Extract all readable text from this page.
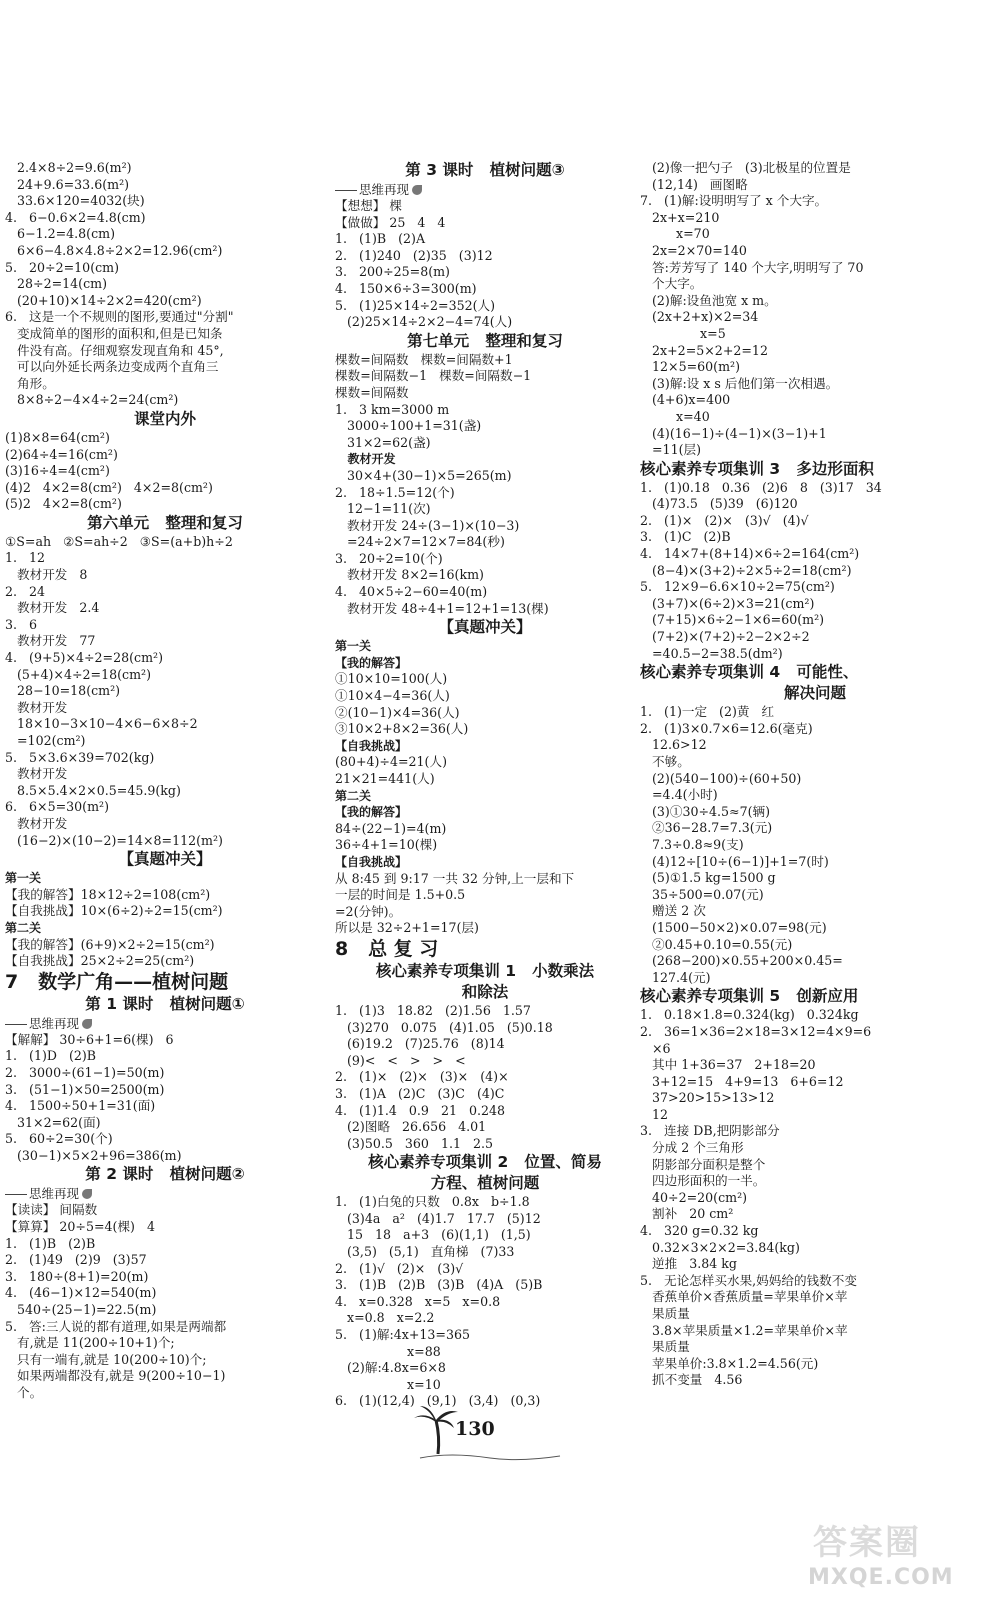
2.4×8÷2=9.6(m²)
24+9.6=33.6(m²)
33.6×120=4032(块)
4.   6−0.6×2=4.8(cm)
6−1.2=4.8(cm)
6×6−4.8×4.8÷2×2=12.96(cm²)
5.   20÷2=10(cm)
28÷2=14(cm)
(20+10)×14÷2×2=420(cm²)
6.   这是一个不规则的图形,要通过"分割"
变成简单的图形的面积和,但是已知条
件没有高。仔细观察发现直角和 45°,
可以向外延长两条边变成两个直角三
角形。
8×8÷2−4×4÷2=24(cm²)
课堂内外
(1)8×8=64(cm²)
(2)64÷4=16(cm²)
(3)16÷4=4(cm²)
(4)2   4×2=8(cm²)   4×2=8(cm²)
(5)2   4×2=8(cm²)
第六单元   整理和复习
①S=ah   ②S=ah÷2   ③S=(a+b)h÷2
1.   12
教材开发   8
2.   24
教材开发   2.4
3.   6
教材开发   77
4.   (9+5)×4÷2=28(cm²)
(5+4)×4÷2=18(cm²)
28−10=18(cm²)
教材开发
18×10−3×10−4×6−6×8÷2
=102(cm²)
5.   5×3.6×39=702(kg)
教材开发
8.5×5.4×2×0.5=45.9(kg)
6.   6×5=30(m²)
教材开发
(16−2)×(10−2)=14×8=112(m²)
【真题冲关】
第一关
【我的解答】18×12÷2=108(cm²)
【自我挑战】10×(6÷2)÷2=15(cm²)
第二关
【我的解答】(6+9)×2÷2=15(cm²)
【自我挑战】25×2÷2=25(cm²)
7   数学广角——植树问题
第 1 课时   植树问题①
思维再现
【解解】 30÷6+1=6(棵)   6
1.   (1)D   (2)B
2.   3000÷(61−1)=50(m)
3.   (51−1)×50=2500(m)
4.   1500÷50+1=31(面)
31×2=62(面)
5.   60÷2=30(个)
(30−1)×5×2+96=386(m)
第 2 课时   植树问题②
思维再现
【读读】 间隔数
【算算】 20÷5=4(棵)   4
1.   (1)B   (2)B
2.   (1)49   (2)9   (3)57
3.   180÷(8+1)=20(m)
4.   (46−1)×12=540(m)
540÷(25−1)=22.5(m)
5.   答:三人说的都有道理,如果是两端都
有,就是 11(200÷10+1)个;
只有一端有,就是 10(200÷10)个;
如果两端都没有,就是 9(200÷10−1)
个。
第 3 课时   植树问题③
思维再现
【想想】 棵
【做做】 25   4   4
1.   (1)B   (2)A
2.   (1)240   (2)35   (3)12
3.   200÷25=8(m)
4.   150×6÷3=300(m)
5.   (1)25×14÷2=352(人)
(2)25×14÷2×2−4=74(人)
第七单元   整理和复习
棵数=间隔数   棵数=间隔数+1
棵数=间隔数−1   棵数=间隔数−1
棵数=间隔数
1.   3 km=3000 m
3000÷100+1=31(盏)
31×2=62(盏)
教材开发
30×4+(30−1)×5=265(m)
2.   18÷1.5=12(个)
12−1=11(次)
教材开发 24÷(3−1)×(10−3)
=24÷2×7=12×7=84(秒)
3.   20÷2=10(个)
教材开发 8×2=16(km)
4.   40×5÷2−60=40(m)
教材开发 48÷4+1=12+1=13(棵)
【真题冲关】
第一关
【我的解答】
①10×10=100(人)
①10×4−4=36(人)
②(10−1)×4=36(人)
③10×2+8×2=36(人)
【自我挑战】
(80+4)÷4=21(人)
21×21=441(人)
第二关
【我的解答】
84÷(22−1)=4(m)
36÷4+1=10(棵)
【自我挑战】
从 8:45 到 9:17 一共 32 分钟,上一层和下
一层的时间是 1.5+0.5
=2(分钟)。
所以是 32÷2+1=17(层)
8   总 复 习
核心素养专项集训 1   小数乘法
和除法
1.   (1)3   18.82   (2)1.56   1.57
(3)270   0.075   (4)1.05   (5)0.18
(6)19.2   (7)25.76   (8)14
(9)<   <   >   >   <
2.   (1)×   (2)×   (3)×   (4)×
3.   (1)A   (2)C   (3)C   (4)C
4.   (1)1.4   0.9   21   0.248
(2)图略   26.656   4.01
(3)50.5   360   1.1   2.5
核心素养专项集训 2   位置、简易
方程、植树问题
1.   (1)白兔的只数   0.8x   b÷1.8
(3)4a   a²   (4)1.7   17.7   (5)12
15   18   a+3   (6)(1,1)   (1,5)
(3,5)   (5,1)   直角梯   (7)33
2.   (1)√   (2)×   (3)√
3.   (1)B   (2)B   (3)B   (4)A   (5)B
4.   x=0.328   x=5   x=0.8
x=0.8   x=2.2
5.   (1)解:4x+13=365
x=88
(2)解:4.8x=6×8
x=10
6.   (1)(12,4)   (9,1)   (3,4)   (0,3)
(2)像一把勺子   (3)北极星的位置是
(12,14)   画图略
7.   (1)解:设明明写了 x 个大字。
2x+x=210
x=70
2x=2×70=140
答:芳芳写了 140 个大字,明明写了 70
个大字。
(2)解:设鱼池宽 x m。
(2x+2+x)×2=34
x=5
2x+2=5×2+2=12
12×5=60(m²)
(3)解:设 x s 后他们第一次相遇。
(4+6)x=400
x=40
(4)(16−1)÷(4−1)×(3−1)+1
=11(层)
核心素养专项集训 3   多边形面积
1.   (1)0.18   0.36   (2)6   8   (3)17   34
(4)73.5   (5)39   (6)120
2.   (1)×   (2)×   (3)√   (4)√
3.   (1)C   (2)B
4.   14×7+(8+14)×6÷2=164(cm²)
(8−4)×(3+2)÷2×5÷2=18(cm²)
5.   12×9−6.6×10÷2=75(cm²)
(3+7)×(6÷2)×3=21(cm²)
(7+15)×6÷2−1×6=60(m²)
(7+2)×(7+2)÷2−2×2÷2
=40.5−2=38.5(dm²)
核心素养专项集训 4   可能性、
解决问题
1.   (1)一定   (2)黄   红
2.   (1)3×0.7×6=12.6(毫克)
12.6>12
不够。
(2)(540−100)÷(60+50)
=4.4(小时)
(3)①30÷4.5≈7(辆)
②36−28.7=7.3(元)
7.3÷0.8≈9(支)
(4)12÷[10÷(6−1)]+1=7(时)
(5)①1.5 kg=1500 g
35÷500=0.07(元)
赠送 2 次
(1500−50×2)×0.07=98(元)
②0.45+0.10=0.55(元)
(268−200)×0.55+200×0.45=
127.4(元)
核心素养专项集训 5   创新应用
1.   0.18×1.8=0.324(kg)   0.324kg
2.   36=1×36=2×18=3×12=4×9=6
×6
其中 1+36=37   2+18=20
3+12=15   4+9=13   6+6=12
37>20>15>13>12
12
3.   连接 DB,把阴影部分
分成 2 个三角形
阴影部分面积是整个
四边形面积的一半。
40÷2=20(cm²)
割补   20 cm²
4.   320 g=0.32 kg
0.32×3×2×2=3.84(kg)
逆推   3.84 kg
5.   无论怎样买水果,妈妈给的钱数不变
香蕉单价×香蕉质量=苹果单价×苹
果质量
3.8×苹果质量×1.2=苹果单价×苹
果质量
苹果单价:3.8×1.2=4.56(元)
抓不变量   4.56
130
答案圈
MXQE.COM
